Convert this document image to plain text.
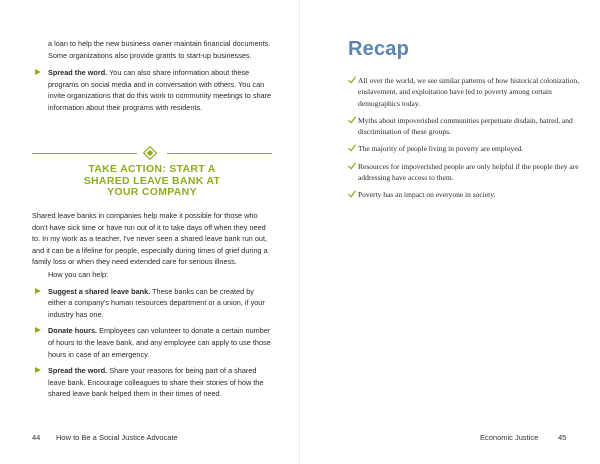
a loan to help the new business owner maintain financial documents. Some organizations also provide grants to start-up businesses.

Spread the word. You can also share information about these programs on social media and in conversation with others. You can invite organizations that do this work to community meetings to share information about their programs with residents.

TAKE ACTION: START A
SHARED LEAVE BANK AT
YOUR COMPANY

Shared leave banks in companies help make it possible for those who don't have sick time or have run out of it to take days off when they need to. In my work as a teacher, I've never seen a shared leave bank run out, and it can be a lifeline for people, especially during times of grief during a family loss or when they need extended care for serious illness.

How you can help:

Suggest a shared leave bank. These banks can be created by either a company's human resources department or a union, if your industry has one.

Donate hours. Employees can volunteer to donate a certain number of hours to the leave bank, and any employee can apply to use those hours in case of an emergency.

Spread the word. Share your reasons for being part of a shared leave bank. Encourage colleagues to share their stories of how the shared leave bank helped them in their times of need.

44 How to Be a Social Justice Advocate
Recap
All over the world, we see similar patterns of how historical colonization, enslavement, and exploitation have led to poverty among certain demographics today.
Myths about impoverished communities perpetuate disdain, hatred, and discrimination of these groups.
The majority of people living in poverty are employed.
Resources for impoverished people are only helpful if the people they are addressing have access to them.
Poverty has an impact on everyone in society.
Economic Justice	45
